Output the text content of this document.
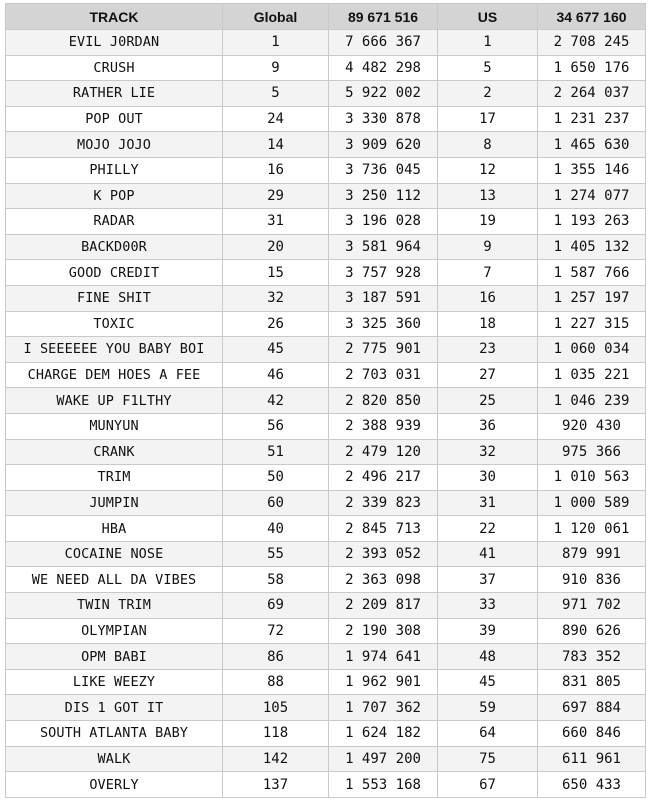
TRACK	Global	89 671 516	US	34 677 160
EVIL J0RDAN	1	7 666 367	1	2 708 245
CRUSH	9	4 482 298	5	1 650 176
RATHER LIE	5	5 922 002	2	2 264 037
POP OUT	24	3 330 878	17	1 231 237
MOJO JOJO	14	3 909 620	8	1 465 630
PHILLY	16	3 736 045	12	1 355 146
K POP	29	3 250 112	13	1 274 077
RADAR	31	3 196 028	19	1 193 263
BACKD00R	20	3 581 964	9	1 405 132
GOOD CREDIT	15	3 757 928	7	1 587 766
FINE SHIT	32	3 187 591	16	1 257 197
TOXIC	26	3 325 360	18	1 227 315
I SEEEEEE YOU BABY BOI	45	2 775 901	23	1 060 034
CHARGE DEM HOES A FEE	46	2 703 031	27	1 035 221
WAKE UP F1LTHY	42	2 820 850	25	1 046 239
MUNYUN	56	2 388 939	36	920 430
CRANK	51	2 479 120	32	975 366
TRIM	50	2 496 217	30	1 010 563
JUMPIN	60	2 339 823	31	1 000 589
HBA	40	2 845 713	22	1 120 061
COCAINE NOSE	55	2 393 052	41	879 991
WE NEED ALL DA VIBES	58	2 363 098	37	910 836
TWIN TRIM	69	2 209 817	33	971 702
OLYMPIAN	72	2 190 308	39	890 626
OPM BABI	86	1 974 641	48	783 352
LIKE WEEZY	88	1 962 901	45	831 805
DIS 1 GOT IT	105	1 707 362	59	697 884
SOUTH ATLANTA BABY	118	1 624 182	64	660 846
WALK	142	1 497 200	75	611 961
OVERLY	137	1 553 168	67	650 433
